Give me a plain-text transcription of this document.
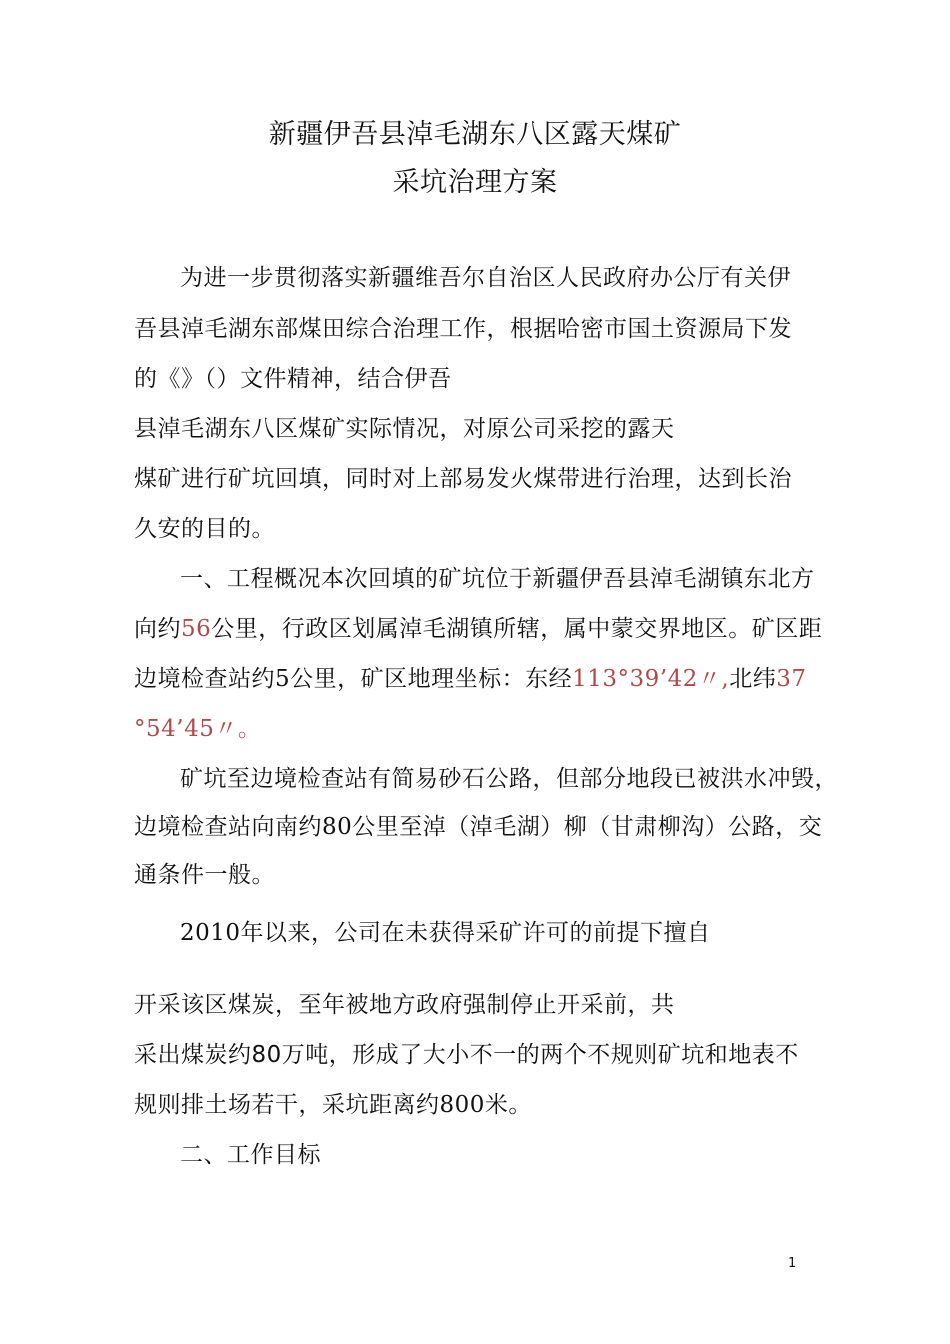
新疆伊吾县淖毛湖东八区露天煤矿
采坑治理方案
为进一步贯彻落实新疆维吾尔自治区人民政府办公厅有关伊
吾县淖毛湖东部煤田综合治理工作，根据哈密市国土资源局下发
的《》（）文件精神，结合伊吾
县淖毛湖东八区煤矿实际情况，对原公司采挖的露天
煤矿进行矿坑回填，同时对上部易发火煤带进行治理，达到长治
久安的目的。
一、工程概况本次回填的矿坑位于新疆伊吾县淖毛湖镇东北方
向约56公里，行政区划属淖毛湖镇所辖，属中蒙交界地区。矿区距
边境检查站约5公里，矿区地理坐标：东经113°39’42〃,北纬37
°54’45〃。
矿坑至边境检查站有简易砂石公路，但部分地段已被洪水冲毁，
边境检查站向南约80公里至淖（淖毛湖）柳（甘肃柳沟）公路，交
通条件一般。
2010年以来，公司在未获得采矿许可的前提下擅自
开采该区煤炭，至年被地方政府强制停止开采前，共
采出煤炭约80万吨，形成了大小不一的两个不规则矿坑和地表不
规则排土场若干，采坑距离约800米。
二、工作目标
1
